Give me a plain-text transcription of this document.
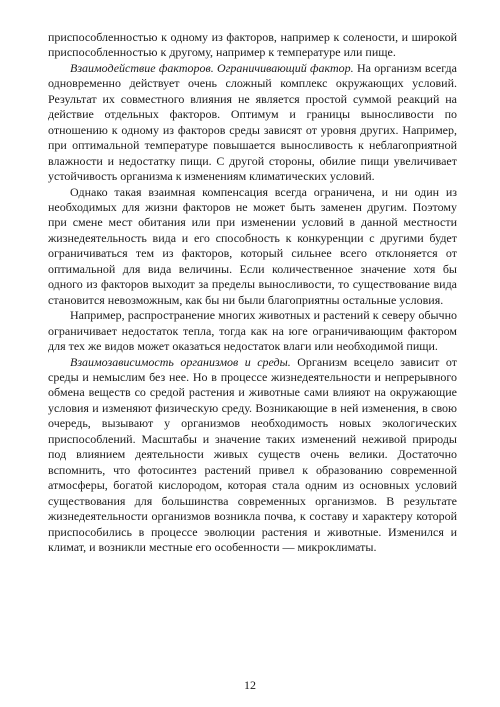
приспособленностью к одному из факторов, например к солености, и широкой приспособленностью к другому, например к температуре или пище.

Взаимодействие факторов. Ограничивающий фактор. На организм всегда одновременно действует очень сложный комплекс окружающих условий. Результат их совместного влияния не является простой суммой реакций на действие отдельных факторов. Оптимум и границы выносливости по отношению к одному из факторов среды зависят от уровня других. Например, при оптимальной температуре повышается выносливость к неблагоприятной влажности и недостатку пищи. С другой стороны, обилие пищи увеличивает устойчивость организма к изменениям климатических условий.

Однако такая взаимная компенсация всегда ограничена, и ни один из необходимых для жизни факторов не может быть заменен другим. Поэтому при смене мест обитания или при изменении условий в данной местности жизнедеятельность вида и его способность к конкуренции с другими будет ограничиваться тем из факторов, который сильнее всего отклоняется от оптимальной для вида величины. Если количественное значение хотя бы одного из факторов выходит за пределы выносливости, то существование вида становится невозможным, как бы ни были благоприятны остальные условия.

Например, распространение многих животных и растений к северу обычно ограничивает недостаток тепла, тогда как на юге ограничивающим фактором для тех же видов может оказаться недостаток влаги или необходимой пищи.

Взаимозависимость организмов и среды. Организм всецело зависит от среды и немыслим без нее. Но в процессе жизнедеятельности и непрерывного обмена веществ со средой растения и животные сами влияют на окружающие условия и изменяют физическую среду. Возникающие в ней изменения, в свою очередь, вызывают у организмов необходимость новых экологических приспособлений. Масштабы и значение таких изменений неживой природы под влиянием деятельности живых существ очень велики. Достаточно вспомнить, что фотосинтез растений привел к образованию современной атмосферы, богатой кислородом, которая стала одним из основных условий существования для большинства современных организмов. В результате жизнедеятельности организмов возникла почва, к составу и характеру которой приспособились в процессе эволюции растения и животные. Изменился и климат, и возникли местные его особенности — микроклиматы.

12
